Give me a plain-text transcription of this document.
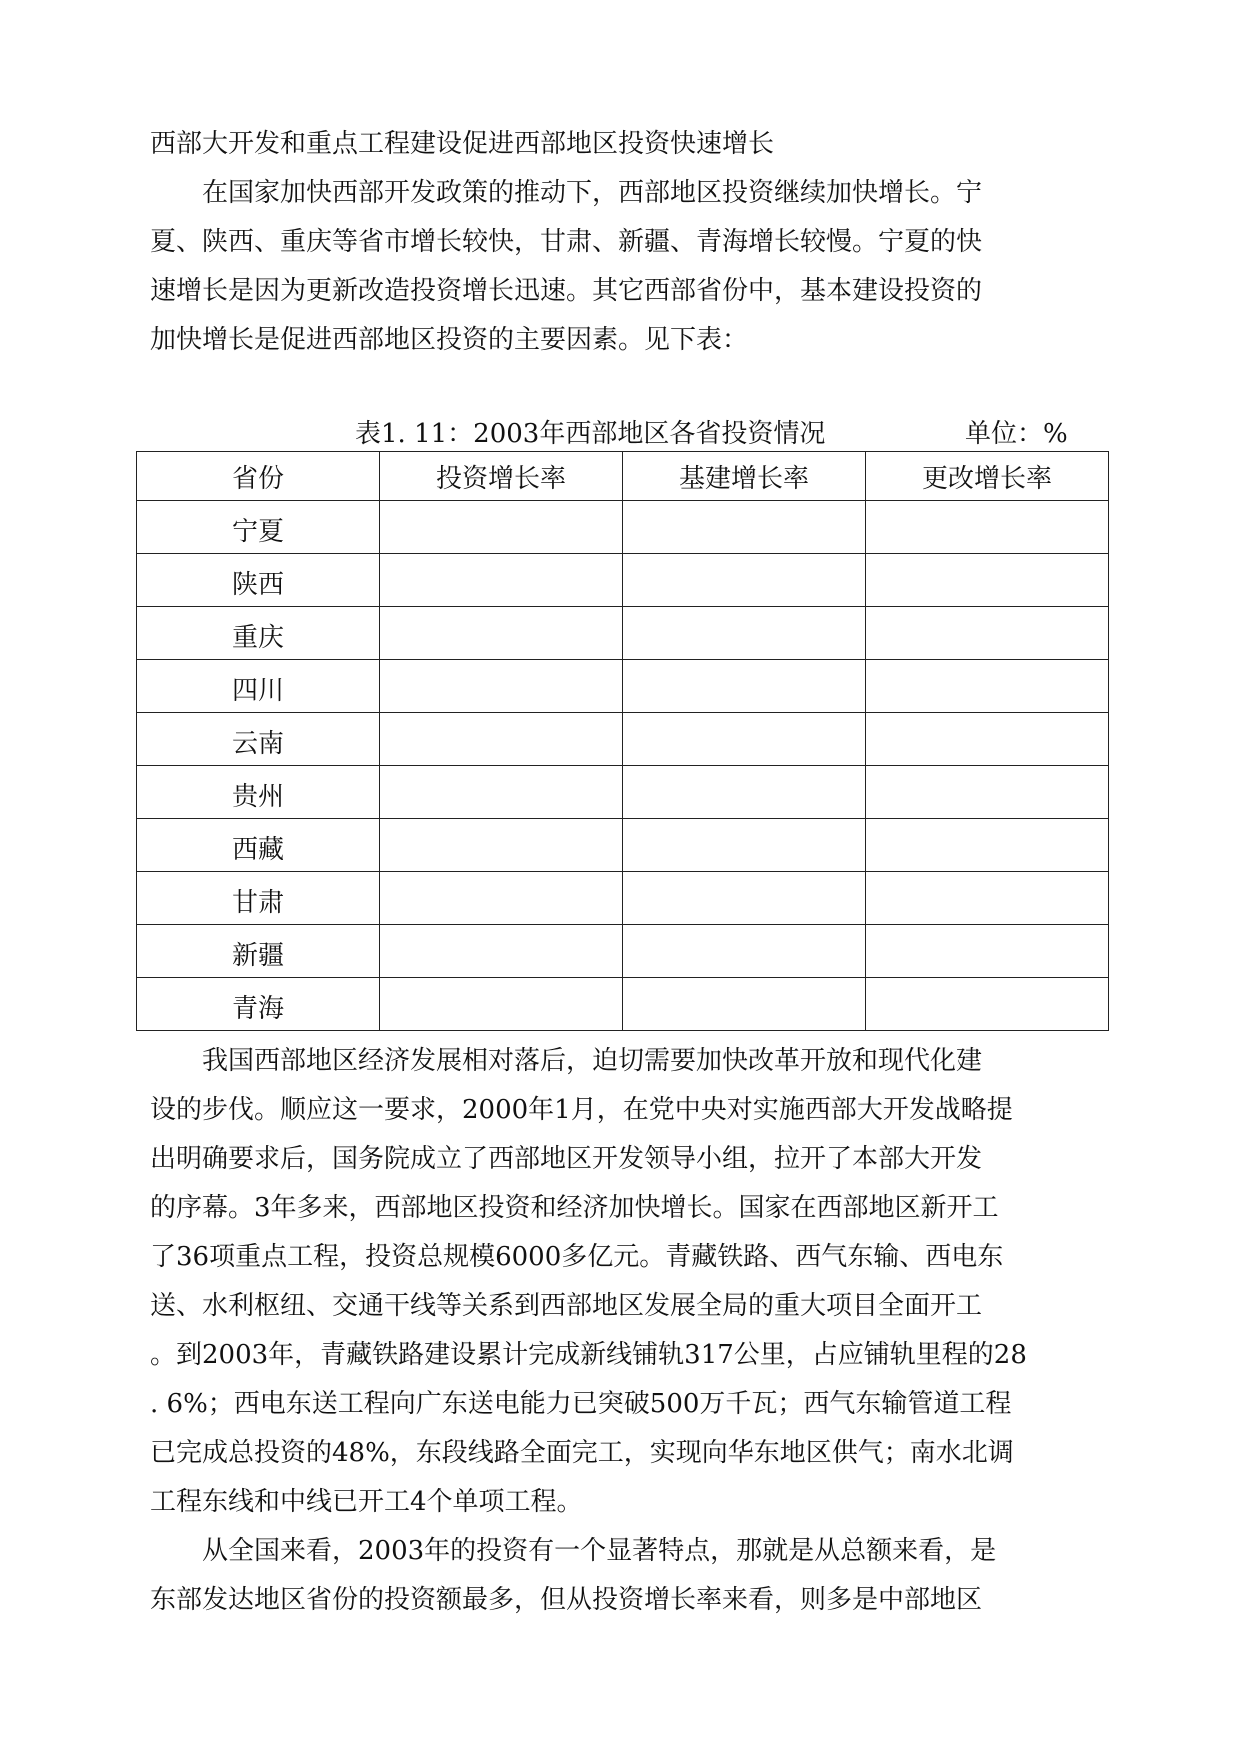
西部大开发和重点工程建设促进西部地区投资快速增长
　　在国家加快西部开发政策的推动下，西部地区投资继续加快增长。宁
夏、陕西、重庆等省市增长较快，甘肃、新疆、青海增长较慢。宁夏的快
速增长是因为更新改造投资增长迅速。其它西部省份中，基本建设投资的
加快增长是促进西部地区投资的主要因素。见下表：
表1. 11：2003年西部地区各省投资情况	单位：%
省份	投资增长率	基建增长率	更改增长率
宁夏			
陕西			
重庆			
四川			
云南			
贵州			
西藏			
甘肃			
新疆			
青海			
　　我国西部地区经济发展相对落后，迫切需要加快改革开放和现代化建
设的步伐。顺应这一要求，2000年1月，在党中央对实施西部大开发战略提
出明确要求后，国务院成立了西部地区开发领导小组，拉开了本部大开发
的序幕。3年多来，西部地区投资和经济加快增长。国家在西部地区新开工
了36项重点工程，投资总规模6000多亿元。青藏铁路、西气东输、西电东
送、水利枢纽、交通干线等关系到西部地区发展全局的重大项目全面开工
。到2003年，青藏铁路建设累计完成新线铺轨317公里，占应铺轨里程的28
. 6%；西电东送工程向广东送电能力已突破500万千瓦；西气东输管道工程
已完成总投资的48%，东段线路全面完工，实现向华东地区供气；南水北调
工程东线和中线已开工4个单项工程。
　　从全国来看，2003年的投资有一个显著特点，那就是从总额来看，是
东部发达地区省份的投资额最多，但从投资增长率来看，则多是中部地区
